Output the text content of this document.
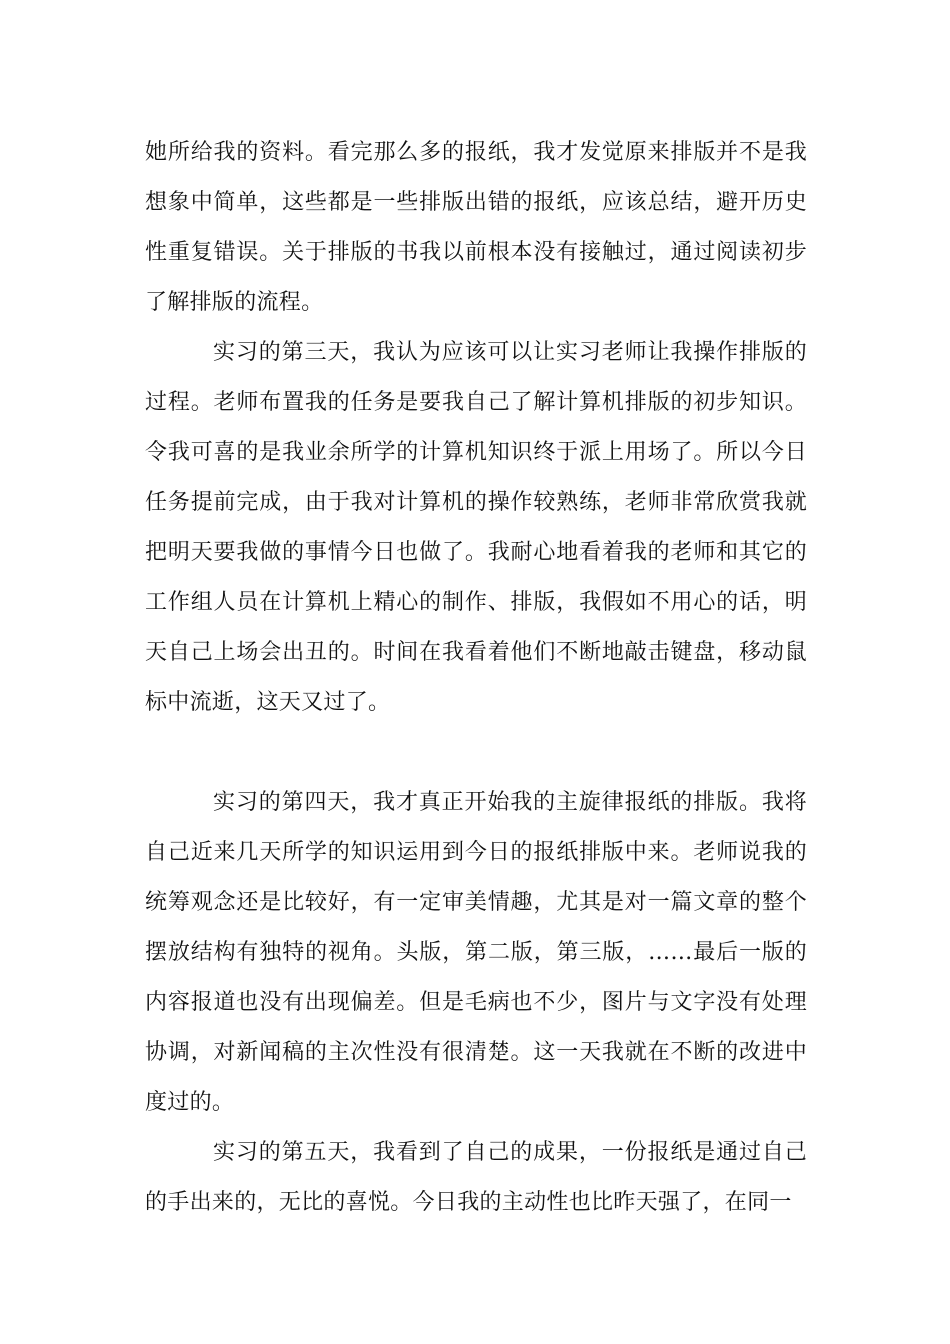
她所给我的资料。看完那么多的报纸，我才发觉原来排版并不是我想象中简单，这些都是一些排版出错的报纸，应该总结，避开历史性重复错误。关于排版的书我以前根本没有接触过，通过阅读初步了解排版的流程。

实习的第三天，我认为应该可以让实习老师让我操作排版的过程。老师布置我的任务是要我自己了解计算机排版的初步知识。令我可喜的是我业余所学的计算机知识终于派上用场了。所以今日任务提前完成，由于我对计算机的操作较熟练，老师非常欣赏我就把明天要我做的事情今日也做了。我耐心地看着我的老师和其它的工作组人员在计算机上精心的制作、排版，我假如不用心的话，明天自己上场会出丑的。时间在我看着他们不断地敲击键盘，移动鼠标中流逝，这天又过了。

实习的第四天，我才真正开始我的主旋律报纸的排版。我将自己近来几天所学的知识运用到今日的报纸排版中来。老师说我的统筹观念还是比较好，有一定审美情趣，尤其是对一篇文章的整个摆放结构有独特的视角。头版，第二版，第三版，……最后一版的内容报道也没有出现偏差。但是毛病也不少，图片与文字没有处理协调，对新闻稿的主次性没有很清楚。这一天我就在不断的改进中度过的。

实习的第五天，我看到了自己的成果，一份报纸是通过自己的手出来的，无比的喜悦。今日我的主动性也比昨天强了，在同一
